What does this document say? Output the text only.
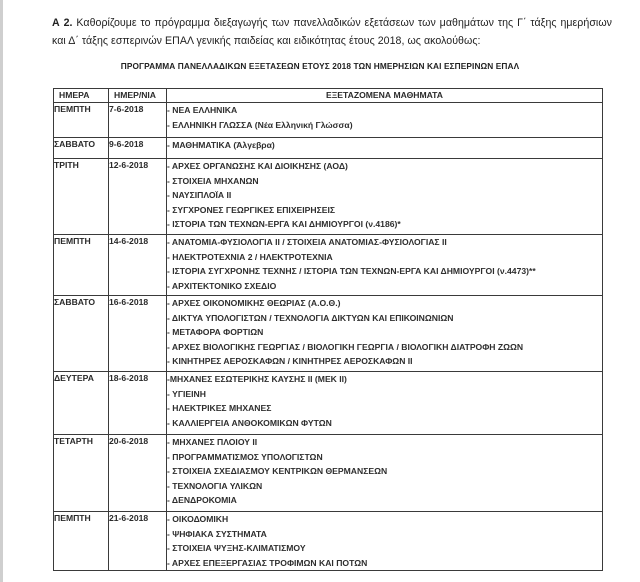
Α 2. Καθορίζουμε το πρόγραμμα διεξαγωγής των πανελλαδικών εξετάσεων των μαθημάτων της Γ΄ τάξης ημερήσιων και Δ΄ τάξης εσπερινών ΕΠΑΛ γενικής παιδείας και ειδικότητας έτους 2018, ως ακολούθως:
ΠΡΟΓΡΑΜΜΑ ΠΑΝΕΛΛΑΔΙΚΩΝ ΕΞΕΤΑΣΕΩΝ ΕΤΟΥΣ 2018 ΤΩΝ ΗΜΕΡΗΣΙΩΝ ΚΑΙ ΕΣΠΕΡΙΝΩΝ ΕΠΑΛ
ΗΜΕΡΑ	ΗΜΕΡ/ΝΙΑ	ΕΞΕΤΑΖΟΜΕΝΑ ΜΑΘΗΜΑΤΑ
ΠΕΜΠΤΗ	7-6-2018	- ΝΕΑ ΕΛΛΗΝΙΚΑ
- ΕΛΛΗΝΙΚΗ ΓΛΩΣΣΑ (Νέα Ελληνική Γλώσσα)

ΣΑΒΒΑΤΟ	9-6-2018	- ΜΑΘΗΜΑΤΙΚΑ (Άλγεβρα)

ΤΡΙΤΗ	12-6-2018	- ΑΡΧΕΣ ΟΡΓΑΝΩΣΗΣ ΚΑΙ ΔΙΟΙΚΗΣΗΣ (ΑΟΔ)
- ΣΤΟΙΧΕΙΑ ΜΗΧΑΝΩΝ
- ΝΑΥΣΙΠΛΟΪΑ ΙΙ
- ΣΥΓΧΡΟΝΕΣ ΓΕΩΡΓΙΚΕΣ ΕΠΙΧΕΙΡΗΣΕΙΣ
- ΙΣΤΟΡΙΑ ΤΩΝ ΤΕΧΝΩΝ-ΕΡΓΑ ΚΑΙ ΔΗΜΙΟΥΡΓΟΙ (ν.4186)*

ΠΕΜΠΤΗ	14-6-2018	- ΑΝΑΤΟΜΙΑ-ΦΥΣΙΟΛΟΓΙΑ ΙΙ / ΣΤΟΙΧΕΙΑ ΑΝΑΤΟΜΙΑΣ-ΦΥΣΙΟΛΟΓΙΑΣ ΙΙ
- ΗΛΕΚΤΡΟΤΕΧΝΙΑ 2 / ΗΛΕΚΤΡΟΤΕΧΝΙΑ
- ΙΣΤΟΡΙΑ ΣΥΓΧΡΟΝΗΣ ΤΕΧΝΗΣ / ΙΣΤΟΡΙΑ ΤΩΝ ΤΕΧΝΩΝ-ΕΡΓΑ ΚΑΙ ΔΗΜΙΟΥΡΓΟΙ (ν.4473)**
- ΑΡΧΙΤΕΚΤΟΝΙΚΟ ΣΧΕΔΙΟ

ΣΑΒΒΑΤΟ	16-6-2018	- ΑΡΧΕΣ ΟΙΚΟΝΟΜΙΚΗΣ ΘΕΩΡΙΑΣ (Α.Ο.Θ.)
- ΔΙΚΤΥΑ ΥΠΟΛΟΓΙΣΤΩΝ / ΤΕΧΝΟΛΟΓΙΑ ΔΙΚΤΥΩΝ ΚΑΙ ΕΠΙΚΟΙΝΩΝΙΩΝ
- ΜΕΤΑΦΟΡΑ ΦΟΡΤΙΩΝ
- ΑΡΧΕΣ ΒΙΟΛΟΓΙΚΗΣ ΓΕΩΡΓΙΑΣ / ΒΙΟΛΟΓΙΚΗ ΓΕΩΡΓΙΑ / ΒΙΟΛΟΓΙΚΗ ΔΙΑΤΡΟΦΗ ΖΩΩΝ
- ΚΙΝΗΤΗΡΕΣ ΑΕΡΟΣΚΑΦΩΝ / ΚΙΝΗΤΗΡΕΣ ΑΕΡΟΣΚΑΦΩΝ ΙΙ

ΔΕΥΤΕΡΑ	18-6-2018	-ΜΗΧΑΝΕΣ ΕΣΩΤΕΡΙΚΗΣ ΚΑΥΣΗΣ ΙΙ (ΜΕΚ ΙΙ)
- ΥΓΙΕΙΝΗ
- ΗΛΕΚΤΡΙΚΕΣ ΜΗΧΑΝΕΣ
- ΚΑΛΛΙΕΡΓΕΙΑ ΑΝΘΟΚΟΜΙΚΩΝ ΦΥΤΩΝ

ΤΕΤΑΡΤΗ	20-6-2018	- ΜΗΧΑΝΕΣ ΠΛΟΙΟΥ ΙΙ
- ΠΡΟΓΡΑΜΜΑΤΙΣΜΟΣ ΥΠΟΛΟΓΙΣΤΩΝ
- ΣΤΟΙΧΕΙΑ ΣΧΕΔΙΑΣΜΟΥ ΚΕΝΤΡΙΚΩΝ ΘΕΡΜΑΝΣΕΩΝ
- ΤΕΧΝΟΛΟΓΙΑ ΥΛΙΚΩΝ
- ΔΕΝΔΡΟΚΟΜΙΑ

ΠΕΜΠΤΗ	21-6-2018	- ΟΙΚΟΔΟΜΙΚΗ
- ΨΗΦΙΑΚΑ ΣΥΣΤΗΜΑΤΑ
- ΣΤΟΙΧΕΙΑ ΨΥΞΗΣ-ΚΛΙΜΑΤΙΣΜΟΥ
- ΑΡΧΕΣ ΕΠΕΞΕΡΓΑΣΙΑΣ ΤΡΟΦΙΜΩΝ ΚΑΙ ΠΟΤΩΝ
